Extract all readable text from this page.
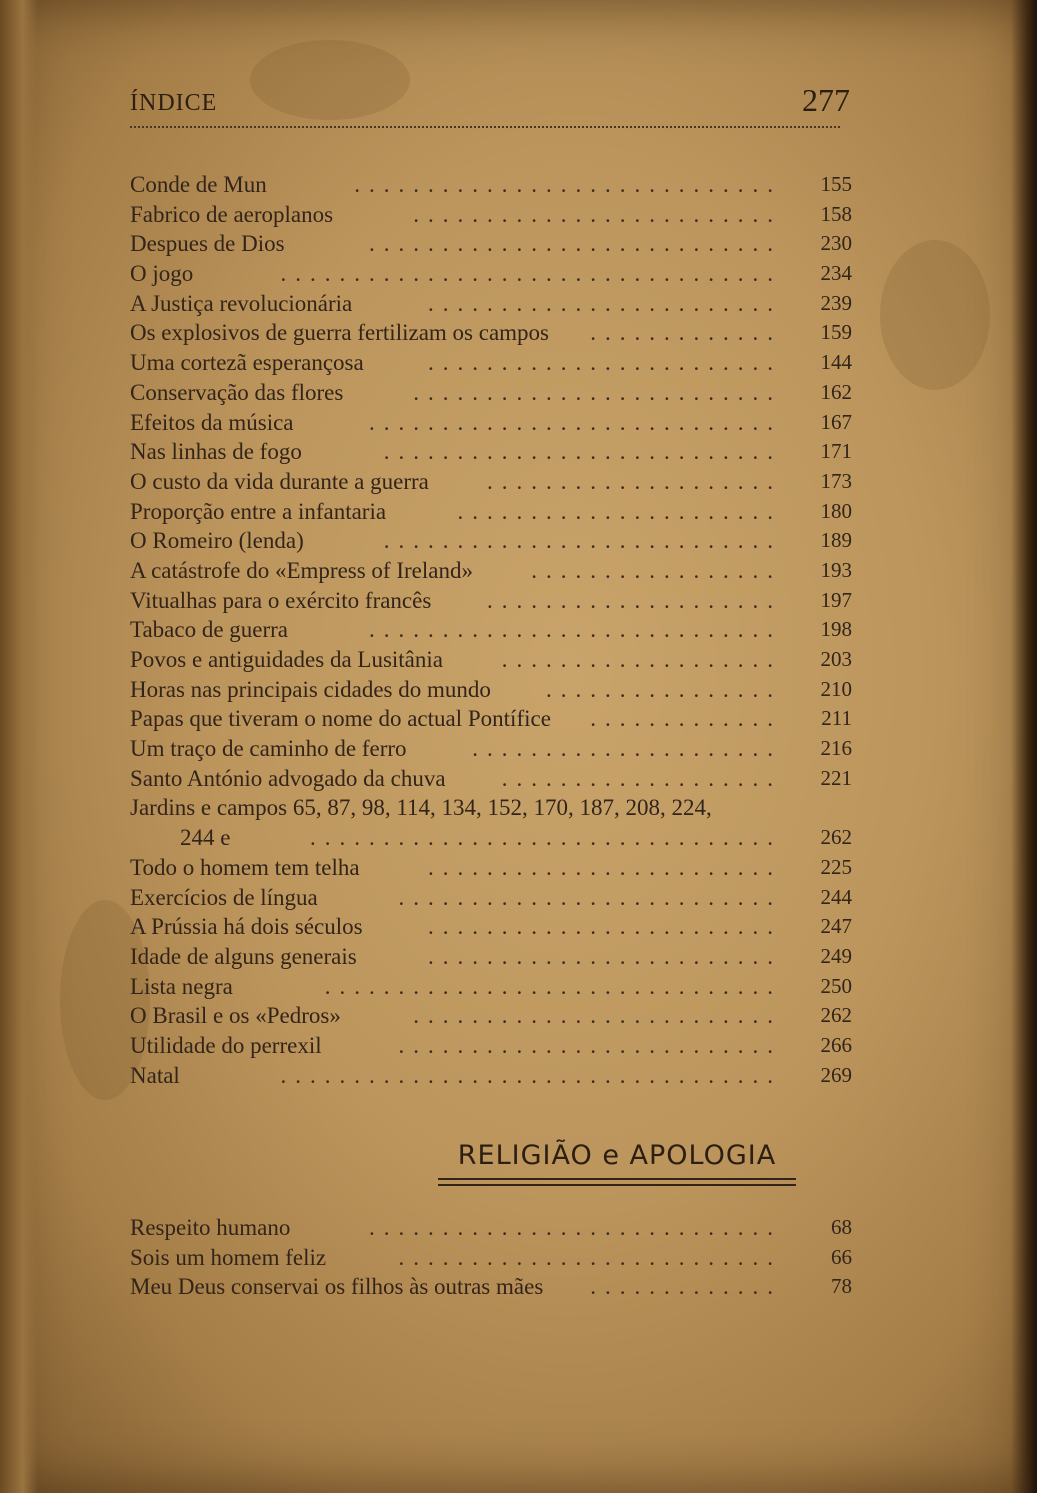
ÍNDICE	277
Conde de Mun	.............................	155
Fabrico de aeroplanos	.........................	158
Despues de Dios	............................	230
O jogo	..................................	234
A Justiça revolucionária	........................	239
Os explosivos de guerra fertilizam os campos .............	159
Uma cortezã esperançosa	........................	144
Conservação das flores	.........................	162
Efeitos da música	............................	167
Nas linhas de fogo	...........................	171
O custo da vida durante a guerra	....................	173
Proporção entre a infantaria	......................	180
O Romeiro (lenda)	...........................	189
A catástrofe do «Empress of Ireland»	.................	193
Vitualhas para o exército francês ....................	197
Tabaco de guerra	............................	198
Povos e antiguidades da Lusitânia	...................	203
Horas nas principais cidades do mundo ................	210
Papas que tiveram o nome do actual Pontífice .............	211
Um traço de caminho de ferro	.....................	216
Santo António advogado da chuva ...................	221
Jardins e campos 65, 87, 98, 114, 134, 152, 170, 187, 208, 224,
244 e	................................	262
Todo o homem tem telha	........................	225
Exercícios de língua	..........................	244
A Prússia há dois séculos	........................	247
Idade de alguns generais	........................	249
Lista negra	...............................	250
O Brasil e os «Pedros»	.........................	262
Utilidade do perrexil	..........................	266
Natal	..................................	269
RELIGIÃO e APOLOGIA
Respeito humano	............................	68
Sois um homem feliz	..........................	66
Meu Deus conservai os filhos às outras mães .............	78
